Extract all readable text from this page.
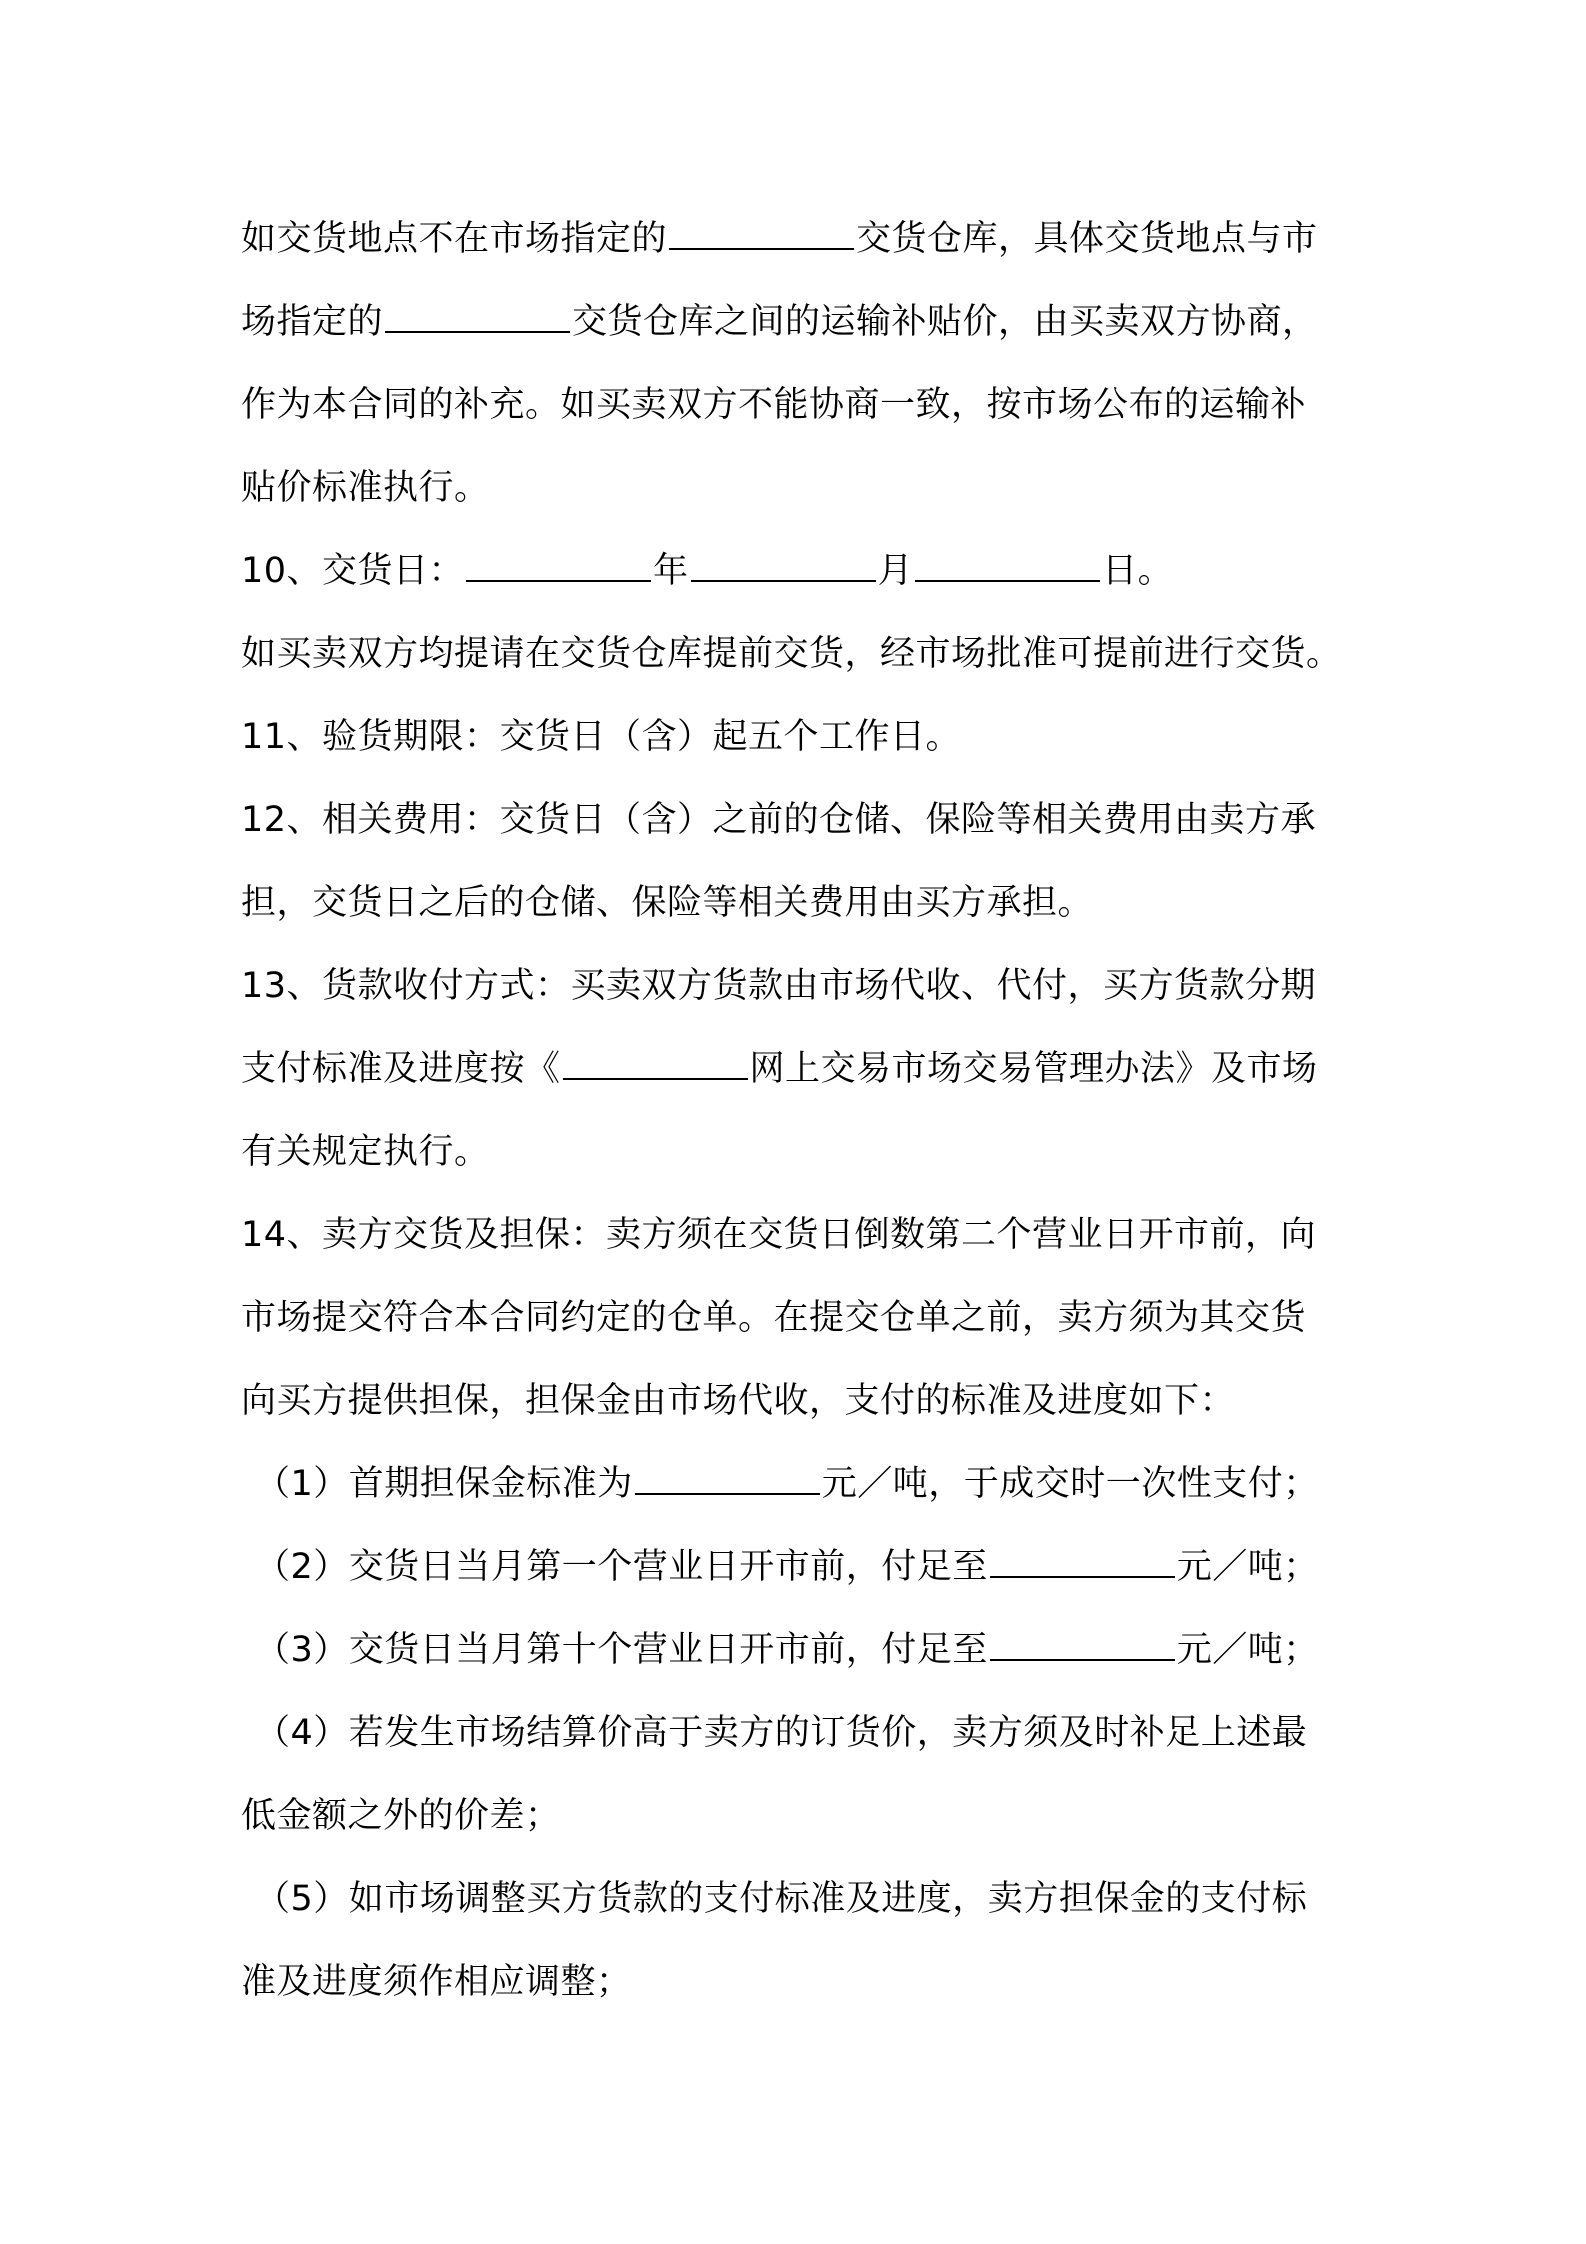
如交货地点不在市场指定的	交货仓库，具体交货地点与市
场指定的	交货仓库之间的运输补贴价，由买卖双方协商，
作为本合同的补充。如买卖双方不能协商一致，按市场公布的运输补
贴价标准执行。
10、交货日：	年	月	日。
如买卖双方均提请在交货仓库提前交货，经市场批准可提前进行交货。
11、验货期限：交货日（含）起五个工作日。
12、相关费用：交货日（含）之前的仓储、保险等相关费用由卖方承
担，交货日之后的仓储、保险等相关费用由买方承担。
13、货款收付方式：买卖双方货款由市场代收、代付，买方货款分期
支付标准及进度按《	网上交易市场交易管理办法》及市场
有关规定执行。
14、卖方交货及担保：卖方须在交货日倒数第二个营业日开市前，向
市场提交符合本合同约定的仓单。在提交仓单之前，卖方须为其交货
向买方提供担保，担保金由市场代收，支付的标准及进度如下：
（1）首期担保金标准为	元／吨，于成交时一次性支付；
（2）交货日当月第一个营业日开市前，付足至	元／吨；
（3）交货日当月第十个营业日开市前，付足至	元／吨；
（4）若发生市场结算价高于卖方的订货价，卖方须及时补足上述最
低金额之外的价差；
（5）如市场调整买方货款的支付标准及进度，卖方担保金的支付标
准及进度须作相应调整；
